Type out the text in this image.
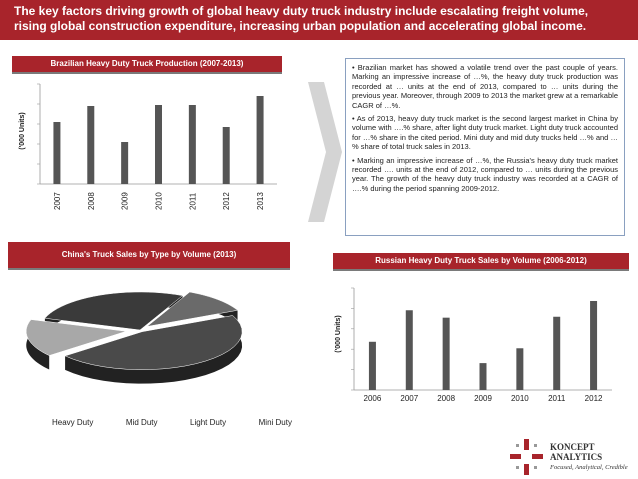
The key factors driving growth of global heavy duty truck industry include escalating freight volume, rising global construction expenditure, increasing urban population and accelerating global income.
Brazilian Heavy Duty Truck Production (2007-2013)
('000 Units)
2007	2008	2009	2010	2011	2012	2013

• Brazilian market has showed a volatile trend over the past couple of years. Marking an impressive increase of …%, the heavy duty truck production was recorded at … units at the end of 2013, compared to … units during the previous year. Moreover, through 2009 to 2013 the market grew at a remarkable CAGR of …%.

• As of 2013, heavy duty truck market is the second largest market in China by volume with ….% share, after light duty truck market. Light duty truck accounted for …% share in the cited period. Mini duty and mid duty trucks held …% and …% share of total truck sales in 2013.

• Marking an impressive increase of …%, the Russia's heavy duty truck market recorded …. units at the end of 2012, compared to … units during the previous year. The growth of the heavy duty truck industry was recorded at a CAGR of ….% during the period spanning 2009-2012.

China's Truck Sales by Type by Volume (2013)
Heavy Duty	Mid Duty	Light Duty	Mini Duty
Russian Heavy Duty Truck Sales by Volume (2006-2012)
('000 Units)
2006 2007 2008 2009 2010 2011 2012
KONCEPT
ANALYTICS
Focused, Analytical, Credible
